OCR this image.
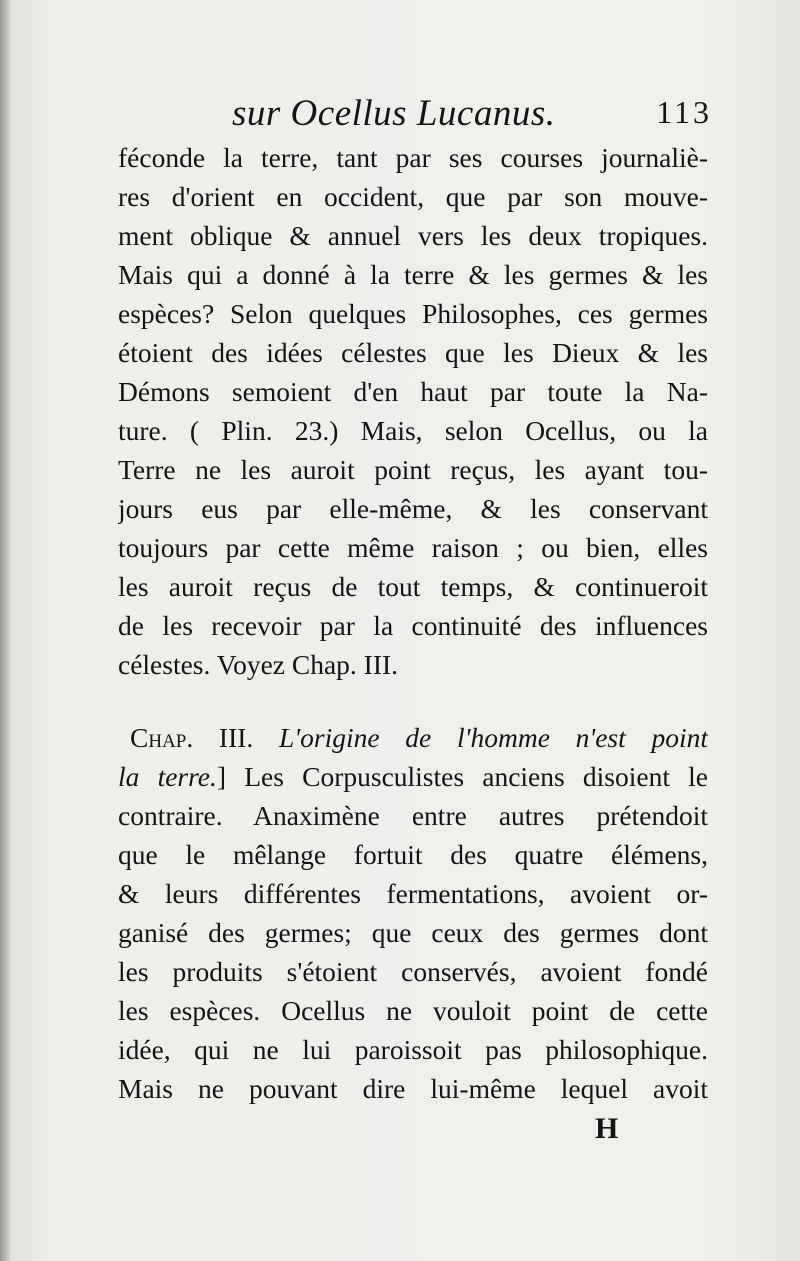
sur Ocellus Lucanus.	113
féconde la terre, tant par ses courses journaliè-
res d'orient en occident, que par son mouve-
ment oblique & annuel vers les deux tropiques.
Mais qui a donné à la terre & les germes & les
espèces? Selon quelques Philosophes, ces germes
étoient des idées célestes que les Dieux & les
Démons semoient d'en haut par toute la Na-
ture. ( Plin. 23.) Mais, selon Ocellus, ou la
Terre ne les auroit point reçus, les ayant tou-
jours eus par elle-même, & les conservant
toujours par cette même raison ; ou bien, elles
les auroit reçus de tout temps, & continueroit
de les recevoir par la continuité des influences
célestes. Voyez Chap. III.
Chap. III. L'origine de l'homme n'est point
la terre.] Les Corpusculistes anciens disoient le
contraire. Anaximène entre autres prétendoit
que le mêlange fortuit des quatre élémens,
& leurs différentes fermentations, avoient or-
ganisé des germes; que ceux des germes dont
les produits s'étoient conservés, avoient fondé
les espèces. Ocellus ne vouloit point de cette
idée, qui ne lui paroissoit pas philosophique.
Mais ne pouvant dire lui-même lequel avoit
H
